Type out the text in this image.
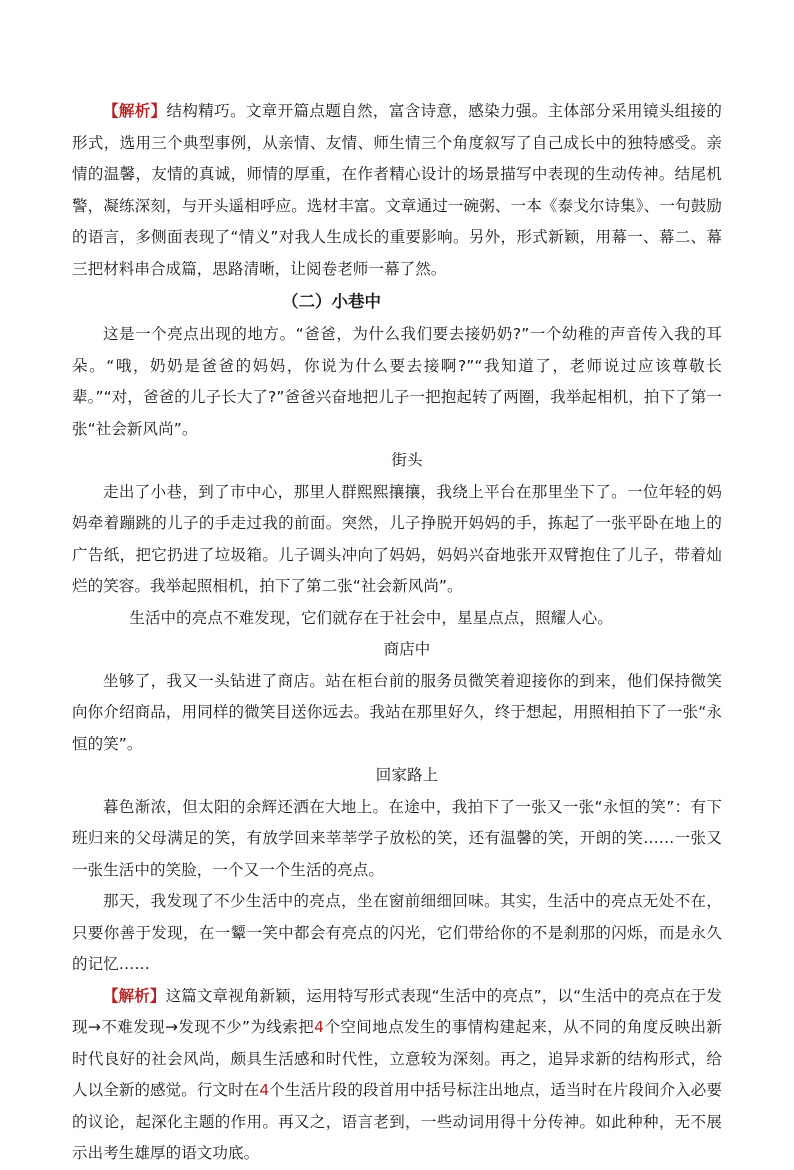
【解析】结构精巧。文章开篇点题自然，富含诗意，感染力强。主体部分采用镜头组接的形式，选用三个典型事例，从亲情、友情、师生情三个角度叙写了自己成长中的独特感受。亲情的温馨，友情的真诚，师情的厚重，在作者精心设计的场景描写中表现的生动传神。结尾机警，凝练深刻，与开头遥相呼应。选材丰富。文章通过一碗粥、一本《泰戈尔诗集》、一句鼓励的语言，多侧面表现了“情义”对我人生成长的重要影响。另外，形式新颖，用幕一、幕二、幕三把材料串合成篇，思路清晰，让阅卷老师一幕了然。

（二）小巷中

这是一个亮点出现的地方。“爸爸，为什么我们要去接奶奶?”一个幼稚的声音传入我的耳朵。“哦，奶奶是爸爸的妈妈，你说为什么要去接啊?”“我知道了，老师说过应该尊敬长辈。”“对，爸爸的儿子长大了?”爸爸兴奋地把儿子一把抱起转了两圈，我举起相机，拍下了第一张“社会新风尚”。

街头

走出了小巷，到了市中心，那里人群熙熙攘攘，我绕上平台在那里坐下了。一位年轻的妈妈牵着蹦跳的儿子的手走过我的前面。突然，儿子挣脱开妈妈的手，拣起了一张平卧在地上的广告纸，把它扔进了垃圾箱。儿子调头冲向了妈妈，妈妈兴奋地张开双臂抱住了儿子，带着灿烂的笑容。我举起照相机，拍下了第二张“社会新风尚”。

生活中的亮点不难发现，它们就存在于社会中，星星点点，照耀人心。

商店中

坐够了，我又一头钻进了商店。站在柜台前的服务员微笑着迎接你的到来，他们保持微笑向你介绍商品，用同样的微笑目送你远去。我站在那里好久，终于想起，用照相拍下了一张“永恒的笑”。

回家路上

暮色渐浓，但太阳的余辉还洒在大地上。在途中，我拍下了一张又一张“永恒的笑”：有下班归来的父母满足的笑，有放学回来莘莘学子放松的笑，还有温馨的笑，开朗的笑……一张又一张生活中的笑脸，一个又一个生活的亮点。

那天，我发现了不少生活中的亮点，坐在窗前细细回味。其实，生活中的亮点无处不在，只要你善于发现，在一颦一笑中都会有亮点的闪光，它们带给你的不是刹那的闪烁，而是永久的记忆……

【解析】这篇文章视角新颖，运用特写形式表现“生活中的亮点”，以“生活中的亮点在于发现→不难发现→发现不少”为线索把4个空间地点发生的事情构建起来，从不同的角度反映出新时代良好的社会风尚，颇具生活感和时代性，立意较为深刻。再之，追异求新的结构形式，给人以全新的感觉。行文时在4个生活片段的段首用中括号标注出地点，适当时在片段间介入必要的议论，起深化主题的作用。再又之，语言老到，一些动词用得十分传神。如此种种，无不展示出考生雄厚的语文功底。
